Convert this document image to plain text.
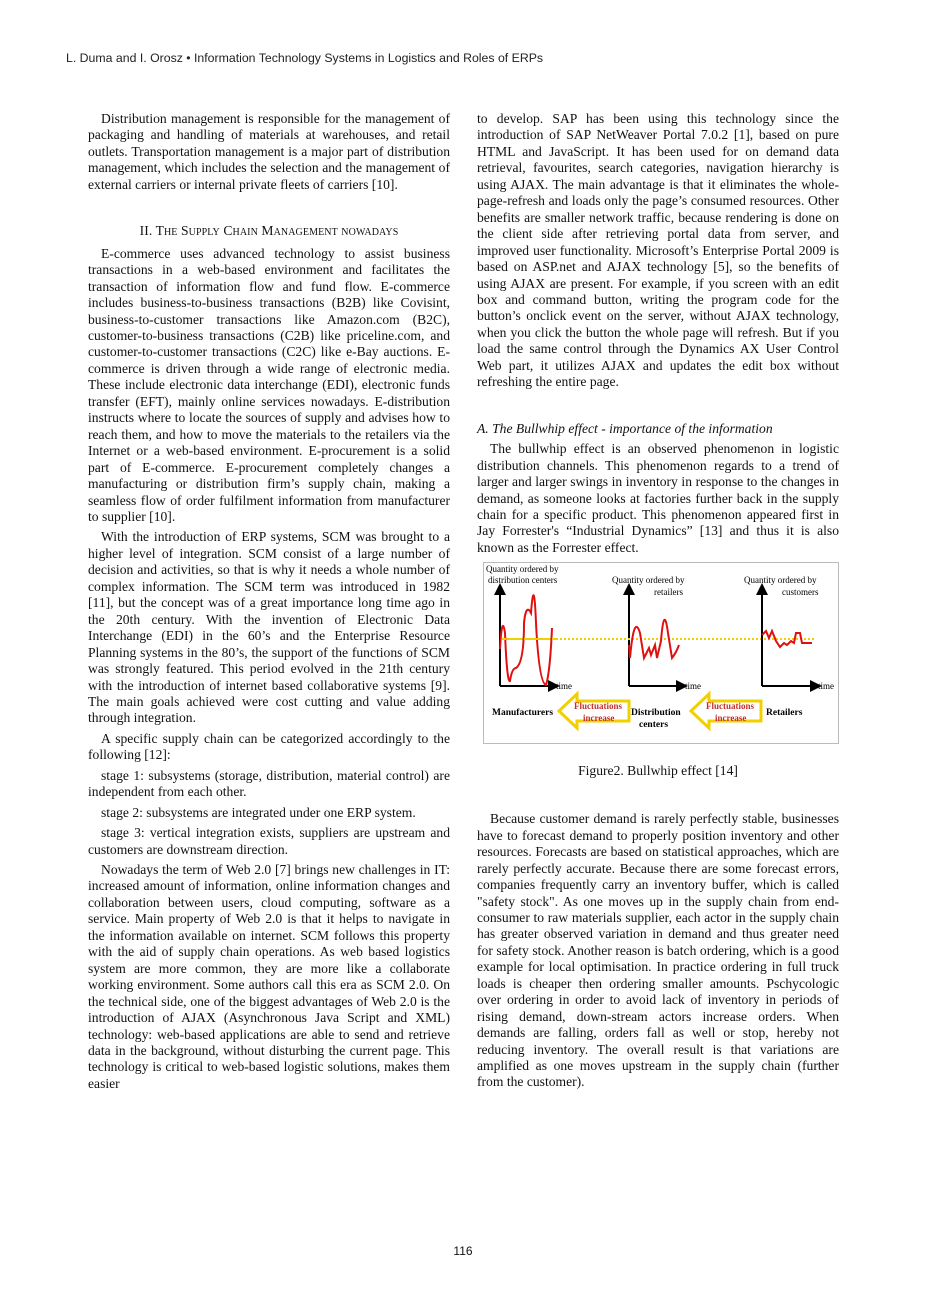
L. Duma and I. Orosz • Information Technology Systems in Logistics and Roles of ERPs

Distribution management is responsible for the management of packaging and handling of materials at warehouses, and retail outlets. Transportation management is a major part of distribution management, which includes the selection and the management of external carriers or internal private fleets of carriers [10].

II. The Supply Chain Management nowadays

E-commerce uses advanced technology to assist business transactions in a web-based environment and facilitates the transaction of information flow and fund flow. E-commerce includes business-to-business transactions (B2B) like Covisint, business-to-customer transactions like Amazon.com (B2C), customer-to-business transactions (C2B) like priceline.com, and customer-to-customer transactions (C2C) like e-Bay auctions. E-commerce is driven through a wide range of electronic media. These include electronic data interchange (EDI), electronic funds transfer (EFT), mainly online services nowadays. E-distribution instructs where to locate the sources of supply and advises how to reach them, and how to move the materials to the retailers via the Internet or a web-based environment. E-procurement is a solid part of E-commerce. E-procurement completely changes a manufacturing or distribution firm’s supply chain, making a seamless flow of order fulfilment information from manufacturer to supplier [10].

With the introduction of ERP systems, SCM was brought to a higher level of integration. SCM consist of a large number of decision and activities, so that is why it needs a whole number of complex information. The SCM term was introduced in 1982 [11], but the concept was of a great importance long time ago in the 20th century. With the invention of Electronic Data Interchange (EDI) in the 60’s and the Enterprise Resource Planning systems in the 80’s, the support of the functions of SCM was strongly featured. This period evolved in the 21th century with the introduction of internet based collaborative systems [9]. The main goals achieved were cost cutting and value adding through integration.

A specific supply chain can be categorized accordingly to the following [12]:

stage 1: subsystems (storage, distribution, material control) are independent from each other.

stage 2: subsystems are integrated under one ERP system.

stage 3: vertical integration exists, suppliers are upstream and customers are downstream direction.

Nowadays the term of Web 2.0 [7] brings new challenges in IT: increased amount of information, online information changes and collaboration between users, cloud computing, software as a service. Main property of Web 2.0 is that it helps to navigate in the information available on internet. SCM follows this property with the aid of supply chain operations. As web based logistics system are more common, they are more like a collaborate working environment. Some authors call this era as SCM 2.0. On the technical side, one of the biggest advantages of Web 2.0 is the introduction of AJAX (Asynchronous Java Script and XML) technology: web-based applications are able to send and retrieve data in the background, without disturbing the current page. This technology is critical to web-based logistic solutions, makes them easier

to develop. SAP has been using this technology since the introduction of SAP NetWeaver Portal 7.0.2 [1], based on pure HTML and JavaScript. It has been used for on demand data retrieval, favourites, search categories, navigation hierarchy is using AJAX. The main advantage is that it eliminates the whole-page-refresh and loads only the page’s consumed resources. Other benefits are smaller network traffic, because rendering is done on the client side after retrieving portal data from server, and improved user functionality. Microsoft’s Enterprise Portal 2009 is based on ASP.net and AJAX technology [5], so the benefits of using AJAX are present. For example, if you screen with an edit box and command button, writing the program code for the button’s onclick event on the server, without AJAX technology, when you click the button the whole page will refresh. But if you load the same control through the Dynamics AX User Control Web part, it utilizes AJAX and updates the edit box without refreshing the entire page.

A. The Bullwhip effect - importance of the information

The bullwhip effect is an observed phenomenon in logistic distribution channels. This phenomenon regards to a trend of larger and larger swings in inventory in response to the changes in demand, as someone looks at factories further back in the supply chain for a specific product. This phenomenon appeared first in Jay Forrester's “Industrial Dynamics” [13] and thus it is also known as the Forrester effect.

Quantity ordered by
distribution centers
time
Quantity ordered by
retailers
time
Quantity ordered by
customers
time
Manufacturers	Distribution
centers
Retailers
Fluctuations
increase
Fluctuations
increase
Figure2. Bullwhip effect [14]

Because customer demand is rarely perfectly stable, businesses have to forecast demand to properly position inventory and other resources. Forecasts are based on statistical approaches, which are rarely perfectly accurate. Because there are some forecast errors, companies frequently carry an inventory buffer, which is called "safety stock". As one moves up in the supply chain from end-consumer to raw materials supplier, each actor in the supply chain has greater observed variation in demand and thus greater need for safety stock. Another reason is batch ordering, which is a good example for local optimisation. In practice ordering in full truck loads is cheaper then ordering smaller amounts. Pschycologic over ordering in order to avoid lack of inventory in periods of rising demand, down-stream actors increase orders. When demands are falling, orders fall as well or stop, hereby not reducing inventory. The overall result is that variations are amplified as one moves upstream in the supply chain (further from the customer).

116
